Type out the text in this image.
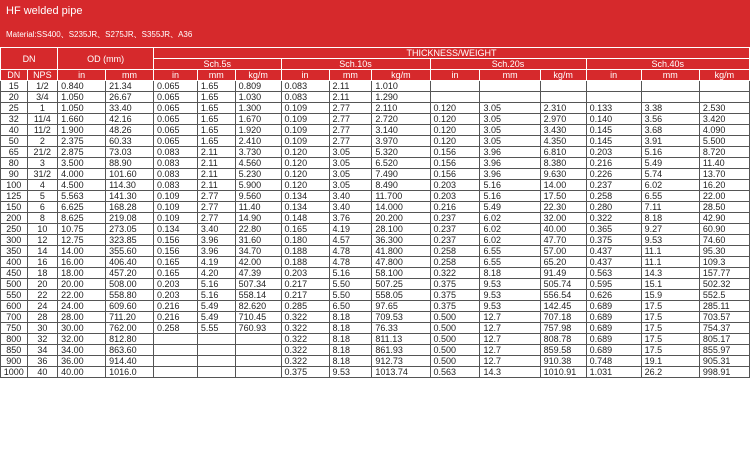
HF welded pipe
Material:SS400、S235JR、S275JR、S355JR、A36
DN		OD (mm)		THICKNESS/WEIGHT											
				Sch.5s			Sch.10s			Sch.20s			Sch.40s		
DN	NPS	in	mm	in	mm	kg/m	in	mm	kg/m	in	mm	kg/m	in	mm	kg/m
15	1/2	0.840	21.34	0.065	1.65	0.809	0.083	2.11	1.010						
20	3/4	1.050	26.67	0.065	1.65	1.030	0.083	2.11	1.290						
25	1	1.050	33.40	0.065	1.65	1.300	0.109	2.77	2.110	0.120	3.05	2.310	0.133	3.38	2.530
32	11/4	1.660	42.16	0.065	1.65	1.670	0.109	2.77	2.720	0.120	3.05	2.970	0.140	3.56	3.420
40	11/2	1.900	48.26	0.065	1.65	1.920	0.109	2.77	3.140	0.120	3.05	3.430	0.145	3.68	4.090
50	2	2.375	60.33	0.065	1.65	2.410	0.109	2.77	3.970	0.120	3.05	4.350	0.145	3.91	5.500
65	21/2	2.875	73.03	0.083	2.11	3.730	0.120	3.05	5.320	0.156	3.96	6.810	0.203	5.16	8.720
80	3	3.500	88.90	0.083	2.11	4.560	0.120	3.05	6.520	0.156	3.96	8.380	0.216	5.49	11.40
90	31/2	4.000	101.60	0.083	2.11	5.230	0.120	3.05	7.490	0.156	3.96	9.630	0.226	5.74	13.70
100	4	4.500	114.30	0.083	2.11	5.900	0.120	3.05	8.490	0.203	5.16	14.00	0.237	6.02	16.20
125	5	5.563	141.30	0.109	2.77	9.560	0.134	3.40	11.700	0.203	5.16	17.50	0.258	6.55	22.00
150	6	6.625	168.28	0.109	2.77	11.40	0.134	3.40	14.000	0.216	5.49	22.30	0.280	7.11	28.50
200	8	8.625	219.08	0.109	2.77	14.90	0.148	3.76	20.200	0.237	6.02	32.00	0.322	8.18	42.90
250	10	10.75	273.05	0.134	3.40	22.80	0.165	4.19	28.100	0.237	6.02	40.00	0.365	9.27	60.90
300	12	12.75	323.85	0.156	3.96	31.60	0.180	4.57	36.300	0.237	6.02	47.70	0.375	9.53	74.60
350	14	14.00	355.60	0.156	3.96	34.70	0.188	4.78	41.800	0.258	6.55	57.00	0.437	11.1	95.30
400	16	16.00	406.40	0.165	4.19	42.00	0.188	4.78	47.800	0.258	6.55	65.20	0.437	11.1	109.3
450	18	18.00	457.20	0.165	4.20	47.39	0.203	5.16	58.100	0.322	8.18	91.49	0.563	14.3	157.77
500	20	20.00	508.00	0.203	5.16	507.34	0.217	5.50	507.25	0.375	9.53	505.74	0.595	15.1	502.32
550	22	22.00	558.80	0.203	5.16	558.14	0.217	5.50	558.05	0.375	9.53	556.54	0.626	15.9	552.5
600	24	24.00	609.60	0.216	5.49	82.620	0.285	6.50	97.65	0.375	9.53	142.45	0.689	17.5	285.11
700	28	28.00	711.20	0.216	5.49	710.45	0.322	8.18	709.53	0.500	12.7	707.18	0.689	17.5	703.57
750	30	30.00	762.00	0.258	5.55	760.93	0.322	8.18	76.33	0.500	12.7	757.98	0.689	17.5	754.37
800	32	32.00	812.80				0.322	8.18	811.13	0.500	12.7	808.78	0.689	17.5	805.17
850	34	34.00	863.60				0.322	8.18	861.93	0.500	12.7	859.58	0.689	17.5	855.97
900	36	36.00	914.40				0.322	8.18	912.73	0.500	12.7	910.38	0.748	19.1	905.31
1000	40	40.00	1016.0				0.375	9.53	1013.74	0.563	14.3	1010.91	1.031	26.2	998.91
